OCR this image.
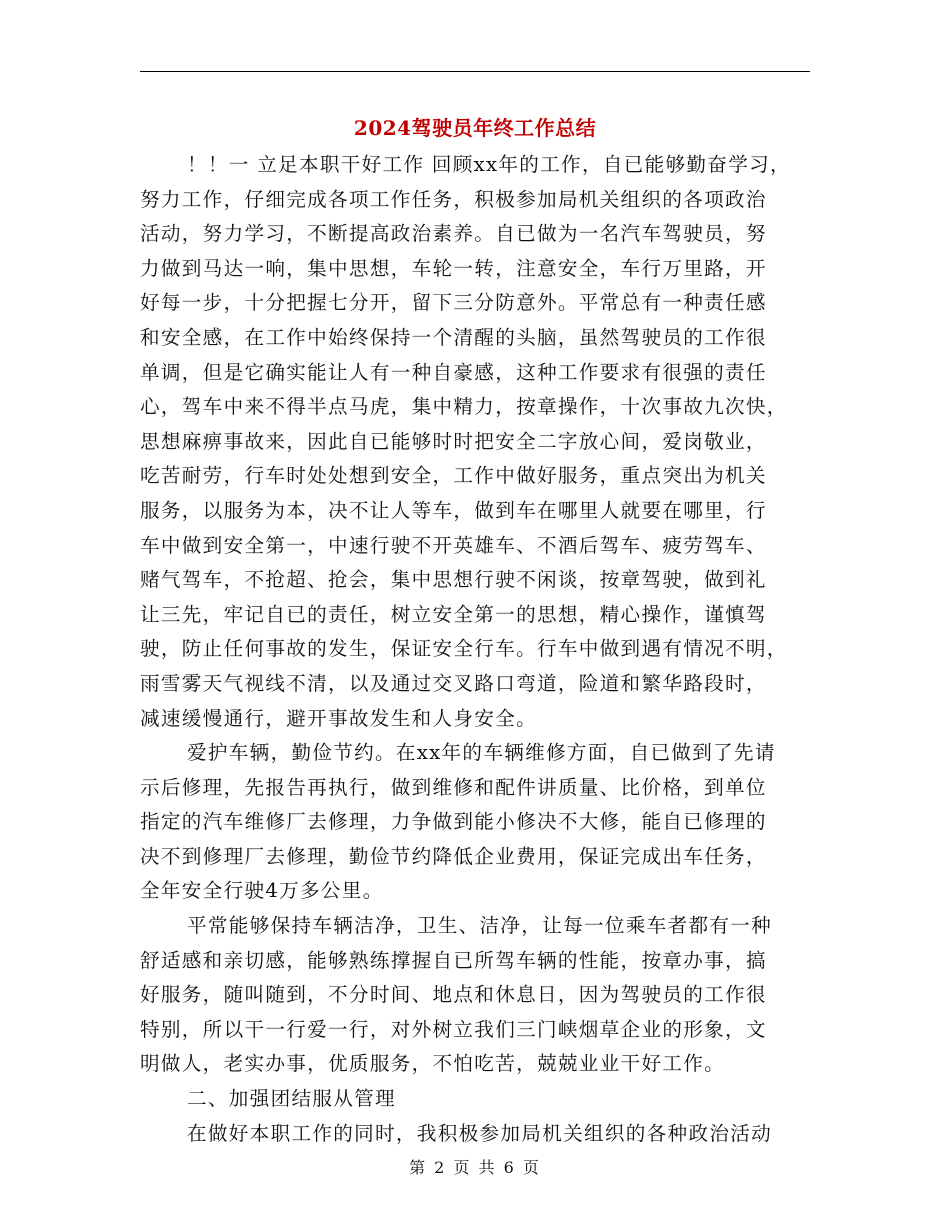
2024驾驶员年终工作总结
！！一 立足本职干好工作 回顾xx年的工作，自已能够勤奋学习，
努力工作，仔细完成各项工作任务，积极参加局机关组织的各项政治
活动，努力学习，不断提高政治素养。自已做为一名汽车驾驶员，努
力做到马达一响，集中思想，车轮一转，注意安全，车行万里路，开
好每一步，十分把握七分开，留下三分防意外。平常总有一种责任感
和安全感，在工作中始终保持一个清醒的头脑，虽然驾驶员的工作很
单调，但是它确实能让人有一种自豪感，这种工作要求有很强的责任
心，驾车中来不得半点马虎，集中精力，按章操作，十次事故九次快，
思想麻痹事故来，因此自已能够时时把安全二字放心间，爱岗敬业，
吃苦耐劳，行车时处处想到安全，工作中做好服务，重点突出为机关
服务，以服务为本，决不让人等车，做到车在哪里人就要在哪里，行
车中做到安全第一，中速行驶不开英雄车、不酒后驾车、疲劳驾车、
赌气驾车，不抢超、抢会，集中思想行驶不闲谈，按章驾驶，做到礼
让三先，牢记自已的责任，树立安全第一的思想，精心操作，谨慎驾
驶，防止任何事故的发生，保证安全行车。行车中做到遇有情况不明，
雨雪雾天气视线不清，以及通过交叉路口弯道，险道和繁华路段时，
减速缓慢通行，避开事故发生和人身安全。
爱护车辆，勤俭节约。在xx年的车辆维修方面，自已做到了先请
示后修理，先报告再执行，做到维修和配件讲质量、比价格，到单位
指定的汽车维修厂去修理，力争做到能小修决不大修，能自已修理的
决不到修理厂去修理，勤俭节约降低企业费用，保证完成出车任务，
全年安全行驶4万多公里。
平常能够保持车辆洁净，卫生、洁净，让每一位乘车者都有一种
舒适感和亲切感，能够熟练撑握自已所驾车辆的性能，按章办事，搞
好服务，随叫随到，不分时间、地点和休息日，因为驾驶员的工作很
特别，所以干一行爱一行，对外树立我们三门峡烟草企业的形象，文
明做人，老实办事，优质服务，不怕吃苦，兢兢业业干好工作。
二、加强团结服从管理
在做好本职工作的同时，我积极参加局机关组织的各种政治活动
第 2 页 共 6 页
